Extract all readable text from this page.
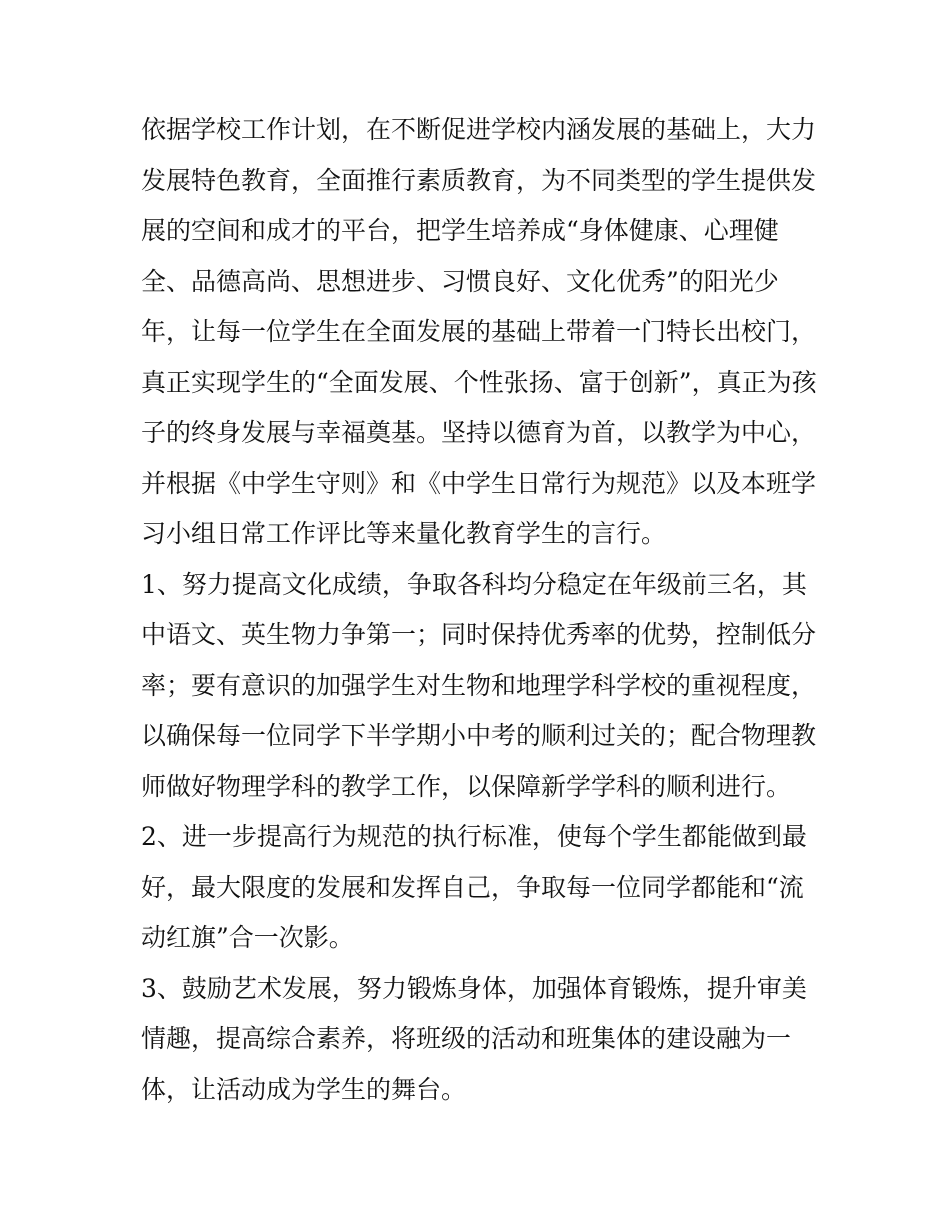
依据学校工作计划，在不断促进学校内涵发展的基础上，大力
发展特色教育，全面推行素质教育，为不同类型的学生提供发
展的空间和成才的平台，把学生培养成“身体健康、心理健
全、品德高尚、思想进步、习惯良好、文化优秀”的阳光少
年，让每一位学生在全面发展的基础上带着一门特长出校门，
真正实现学生的“全面发展、个性张扬、富于创新”，真正为孩
子的终身发展与幸福奠基。坚持以德育为首，以教学为中心，
并根据《中学生守则》和《中学生日常行为规范》以及本班学
习小组日常工作评比等来量化教育学生的言行。
1、努力提高文化成绩，争取各科均分稳定在年级前三名，其
中语文、英生物力争第一；同时保持优秀率的优势，控制低分
率；要有意识的加强学生对生物和地理学科学校的重视程度，
以确保每一位同学下半学期小中考的顺利过关的；配合物理教
师做好物理学科的教学工作，以保障新学学科的顺利进行。
2、进一步提高行为规范的执行标准，使每个学生都能做到最
好，最大限度的发展和发挥自己，争取每一位同学都能和“流
动红旗”合一次影。
3、鼓励艺术发展，努力锻炼身体，加强体育锻炼，提升审美
情趣，提高综合素养，将班级的活动和班集体的建设融为一
体，让活动成为学生的舞台。
